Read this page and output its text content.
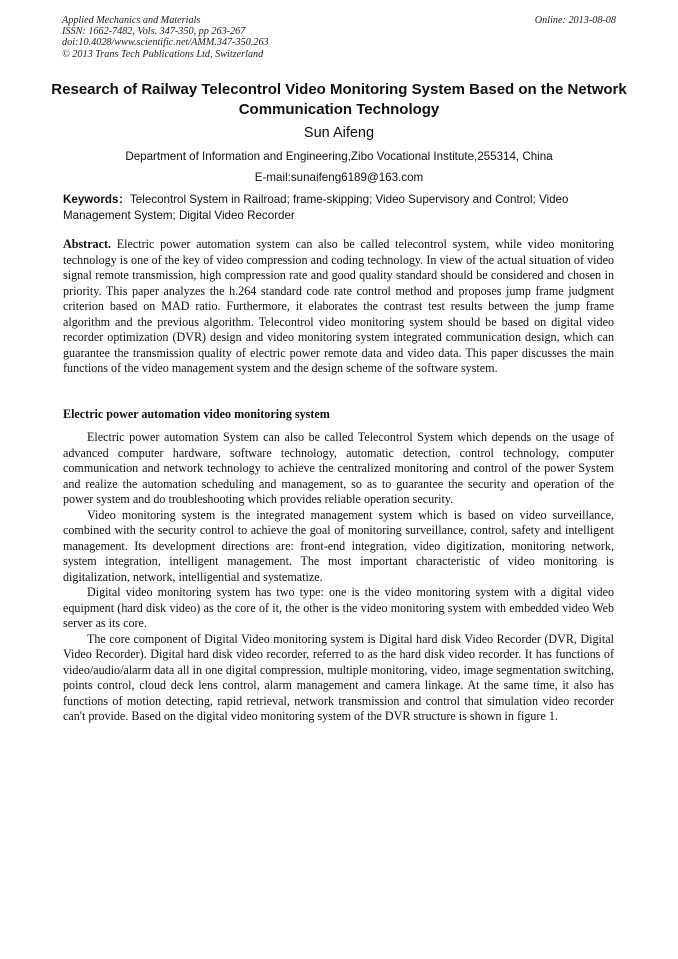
Applied Mechanics and Materials
ISSN: 1662-7482, Vols. 347-350, pp 263-267
doi:10.4028/www.scientific.net/AMM.347-350.263
© 2013 Trans Tech Publications Ltd, Switzerland
Online: 2013-08-08
Research of Railway Telecontrol Video Monitoring System Based on the Network Communication Technology
Sun Aifeng
Department of Information and Engineering,Zibo Vocational Institute,255314, China
E-mail:sunaifeng6189@163.com
Keywords：Telecontrol System in Railroad; frame-skipping; Video Supervisory and Control; Video Management System; Digital Video Recorder
Abstract. Electric power automation system can also be called telecontrol system, while video monitoring technology is one of the key of video compression and coding technology. In view of the actual situation of video signal remote transmission, high compression rate and good quality standard should be considered and chosen in priority. This paper analyzes the h.264 standard code rate control method and proposes jump frame judgment criterion based on MAD ratio. Furthermore, it elaborates the contrast test results between the jump frame algorithm and the previous algorithm. Telecontrol video monitoring system should be based on digital video recorder optimization (DVR) design and video monitoring system integrated communication design, which can guarantee the transmission quality of electric power remote data and video data. This paper discusses the main functions of the video management system and the design scheme of the software system.
Electric power automation video monitoring system

Electric power automation System can also be called Telecontrol System which depends on the usage of advanced computer hardware, software technology, automatic detection, control technology, computer communication and network technology to achieve the centralized monitoring and control of the power System and realize the automation scheduling and management, so as to guarantee the security and operation of the power system and do troubleshooting which provides reliable operation security.

Video monitoring system is the integrated management system which is based on video surveillance, combined with the security control to achieve the goal of monitoring surveillance, control, safety and intelligent management. Its development directions are: front-end integration, video digitization, monitoring network, system integration, intelligent management. The most important characteristic of video monitoring is digitalization, network, intelligential and systematize.

Digital video monitoring system has two type: one is the video monitoring system with a digital video equipment (hard disk video) as the core of it, the other is the video monitoring system with embedded video Web server as its core.

The core component of Digital Video monitoring system is Digital hard disk Video Recorder (DVR, Digital Video Recorder). Digital hard disk video recorder, referred to as the hard disk video recorder. It has functions of video/audio/alarm data all in one digital compression, multiple monitoring, video, image segmentation switching, points control, cloud deck lens control, alarm management and camera linkage. At the same time, it also has functions of motion detecting, rapid retrieval, network transmission and control that simulation video recorder can't provide. Based on the digital video monitoring system of the DVR structure is shown in figure 1.
